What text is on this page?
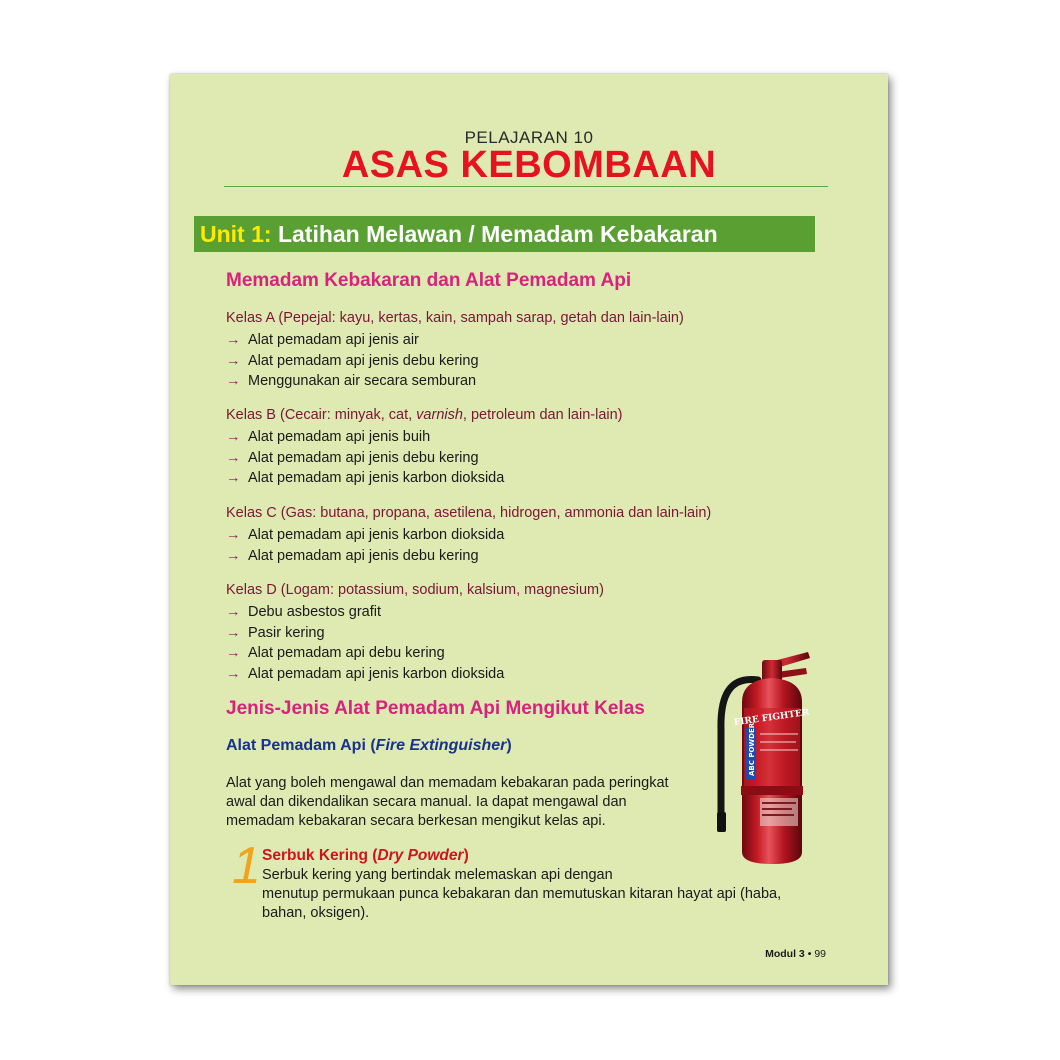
PELAJARAN 10
ASAS KEBOMBAAN
Unit 1: Latihan Melawan / Memadam Kebakaran
Memadam Kebakaran dan Alat Pemadam Api
Kelas A (Pepejal: kayu, kertas, kain, sampah sarap, getah dan lain-lain)
→ Alat pemadam api jenis air
→ Alat pemadam api jenis debu kering
→ Menggunakan air secara semburan
Kelas B (Cecair: minyak, cat, varnish, petroleum dan lain-lain)
→ Alat pemadam api jenis buih
→ Alat pemadam api jenis debu kering
→ Alat pemadam api jenis karbon dioksida
Kelas C (Gas: butana, propana, asetilena, hidrogen, ammonia dan lain-lain)
→ Alat pemadam api jenis karbon dioksida
→ Alat pemadam api jenis debu kering
Kelas D (Logam: potassium, sodium, kalsium, magnesium)
→ Debu asbestos grafit
→ Pasir kering
→ Alat pemadam api debu kering
→ Alat pemadam api jenis karbon dioksida
Jenis-Jenis Alat Pemadam Api Mengikut Kelas
Alat Pemadam Api (Fire Extinguisher)
Alat yang boleh mengawal dan memadam kebakaran pada peringkat
awal dan dikendalikan secara manual. Ia dapat mengawal dan
memadam kebakaran secara berkesan mengikut kelas api.
FIRE FIGHTER
ABC POWDER
1 Serbuk Kering (Dry Powder)
Serbuk kering yang bertindak melemaskan api dengan
menutup permukaan punca kebakaran dan memutuskan kitaran hayat api (haba,
bahan, oksigen).
Modul 3 • 99
